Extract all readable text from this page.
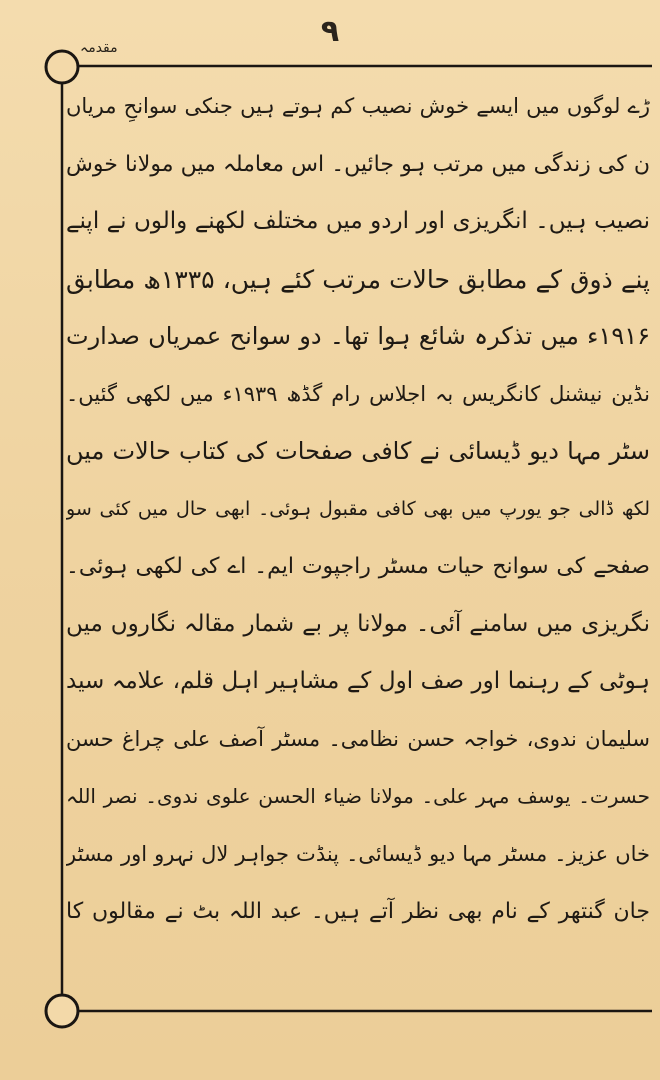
۹
مقدمہ
ڑے لوگوں میں ایسے خوش نصیب کم ہوتے ہیں جنکی سوانحِ مریاں
ن کی زندگی میں مرتب ہو جائیں۔ اس معاملہ میں مولانا خوش
نصیب ہیں۔ انگریزی اور اردو میں مختلف لکھنے والوں نے اپنے
پنے ذوق کے مطابق حالات مرتب کئے ہیں، ۱۳۳۵ھ مطابق
۱۹۱۶ء میں تذکرہ شائع ہوا تھا۔ دو سوانح عمریاں صدارت
نڈین نیشنل کانگریس بہ اجلاس رام گڈھ ۱۹۳۹ء میں لکھی گئیں۔
سٹر مہا دیو ڈیسائی نے کافی صفحات کی کتاب حالات میں
لکھ ڈالی جو یورپ میں بھی کافی مقبول ہوئی۔ ابھی حال میں کئی سو
صفحے کی سوانح حیات مسٹر راجپوت ایم۔ اے کی لکھی ہوئی۔
نگریزی میں سامنے آئی۔ مولانا پر بے شمار مقالہ نگاروں میں
ہوٹی کے رہنما اور صف اول کے مشاہیر اہل قلم، علامہ سید
سلیمان ندوی، خواجہ حسن نظامی۔ مسٹر آصف علی چراغ حسن
حسرت۔ یوسف مہر علی۔ مولانا ضیاء الحسن علوی ندوی۔ نصر اللہ
خاں عزیز۔ مسٹر مہا دیو ڈیسائی۔ پنڈت جواہر لال نہرو اور مسٹر
جان گنتھر کے نام بھی نظر آتے ہیں۔ عبد اللہ بٹ نے مقالوں کا
